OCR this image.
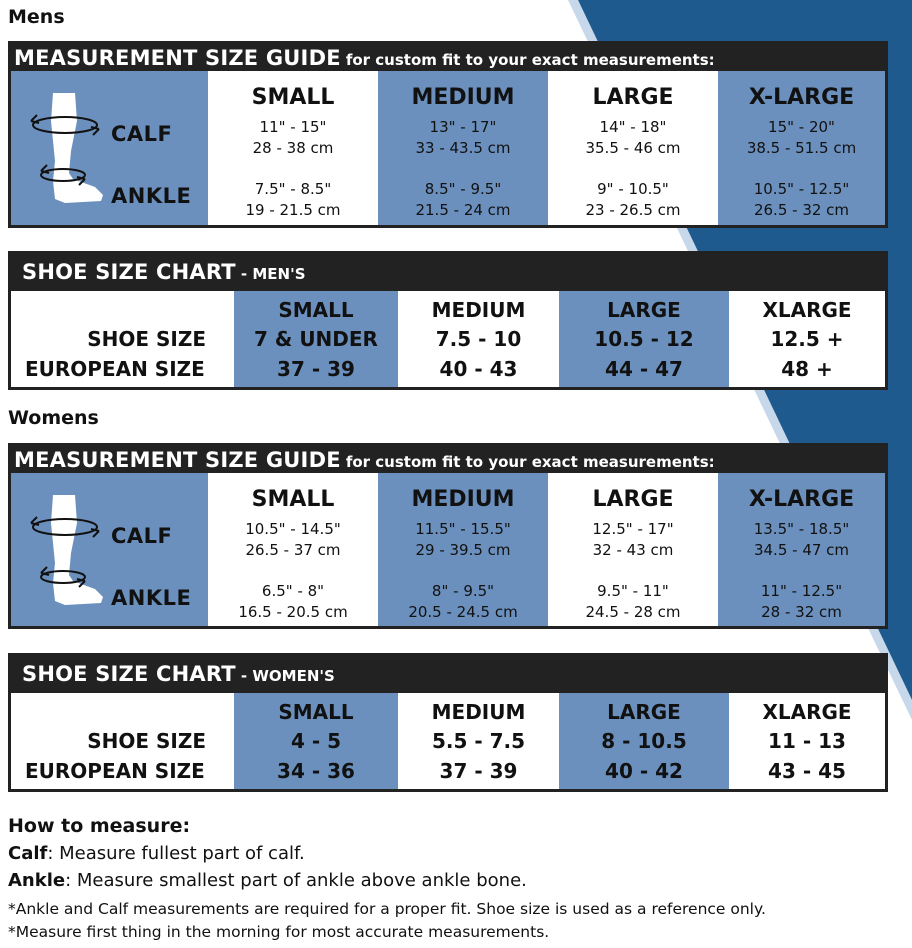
Mens
MEASUREMENT SIZE GUIDE for custom fit to your exact measurements:
CALF
ANKLE
SMALL
11" - 15"
28 - 38 cm
7.5" - 8.5"
19 - 21.5 cm
MEDIUM
13" - 17"
33 - 43.5 cm
8.5" - 9.5"
21.5 - 24 cm
LARGE
14" - 18"
35.5 - 46 cm
9" - 10.5"
23 - 26.5 cm
X-LARGE
15" - 20"
38.5 - 51.5 cm
10.5" - 12.5"
26.5 - 32 cm
SHOE SIZE CHART - MEN'S
SHOE SIZE
EUROPEAN SIZE
SMALL
7 & UNDER
37 - 39
MEDIUM
7.5 - 10
40 - 43
LARGE
10.5 - 12
44 - 47
XLARGE
12.5 +
48 +
Womens
MEASUREMENT SIZE GUIDE for custom fit to your exact measurements:
CALF
ANKLE
SMALL
10.5" - 14.5"
26.5 - 37 cm
6.5" - 8"
16.5 - 20.5 cm
MEDIUM
11.5" - 15.5"
29 - 39.5 cm
8" - 9.5"
20.5 - 24.5 cm
LARGE
12.5" - 17"
32 - 43 cm
9.5" - 11"
24.5 - 28 cm
X-LARGE
13.5" - 18.5"
34.5 - 47 cm
11" - 12.5"
28 - 32 cm
SHOE SIZE CHART - WOMEN'S
SHOE SIZE
EUROPEAN SIZE
SMALL
4 - 5
34 - 36
MEDIUM
5.5 - 7.5
37 - 39
LARGE
8 - 10.5
40 - 42
XLARGE
11 - 13
43 - 45
How to measure:
Calf: Measure fullest part of calf.
Ankle: Measure smallest part of ankle above ankle bone.
*Ankle and Calf measurements are required for a proper fit. Shoe size is used as a reference only.
*Measure first thing in the morning for most accurate measurements.
